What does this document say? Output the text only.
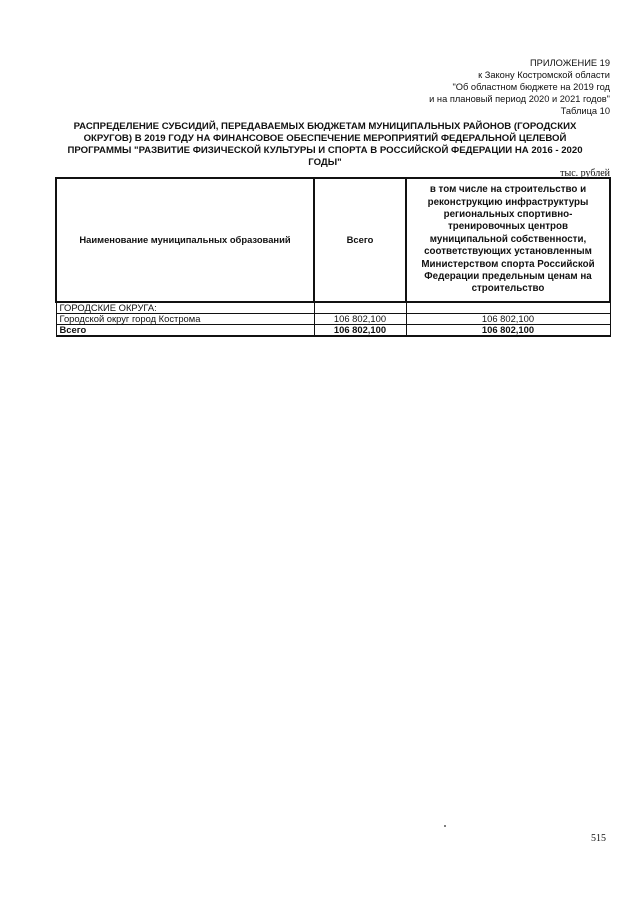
ПРИЛОЖЕНИЕ 19
к Закону Костромской области
"Об областном бюджете на 2019 год
и на плановый период 2020 и 2021 годов"
Таблица 10
РАСПРЕДЕЛЕНИЕ СУБСИДИЙ, ПЕРЕДАВАЕМЫХ БЮДЖЕТАМ МУНИЦИПАЛЬНЫХ РАЙОНОВ (ГОРОДСКИХ
ОКРУГОВ) В 2019 ГОДУ НА ФИНАНСОВОЕ ОБЕСПЕЧЕНИЕ МЕРОПРИЯТИЙ ФЕДЕРАЛЬНОЙ ЦЕЛЕВОЙ
ПРОГРАММЫ "РАЗВИТИЕ ФИЗИЧЕСКОЙ КУЛЬТУРЫ И СПОРТА В РОССИЙСКОЙ ФЕДЕРАЦИИ НА 2016 - 2020
ГОДЫ"
тыс. рублей
Наименование муниципальных образований	Всего	в том числе на строительство и реконструкцию инфраструктуры региональных спортивно-тренировочных центров муниципальной собственности, соответствующих установленным Министерством спорта Российской Федерации предельным ценам на строительство
ГОРОДСКИЕ ОКРУГА:		
Городской округ город Кострома	106 802,100	106 802,100
Всего	106 802,100	106 802,100
515
